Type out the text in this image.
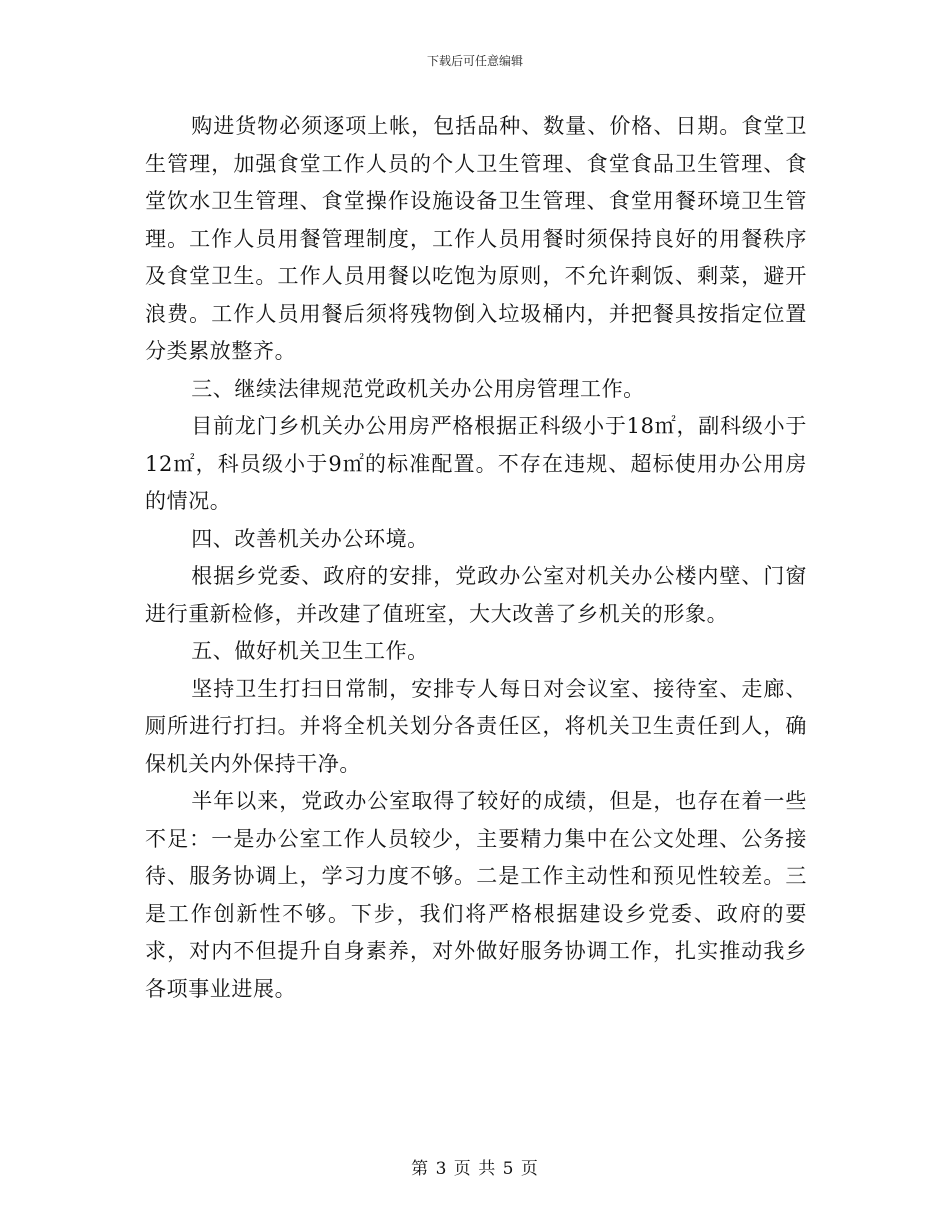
下载后可任意编辑

购进货物必须逐项上帐，包括品种、数量、价格、日期。食堂卫生管理，加强食堂工作人员的个人卫生管理、食堂食品卫生管理、食堂饮水卫生管理、食堂操作设施设备卫生管理、食堂用餐环境卫生管理。工作人员用餐管理制度，工作人员用餐时须保持良好的用餐秩序及食堂卫生。工作人员用餐以吃饱为原则，不允许剩饭、剩菜，避开浪费。工作人员用餐后须将残物倒入垃圾桶内，并把餐具按指定位置分类累放整齐。

三、继续法律规范党政机关办公用房管理工作。

目前龙门乡机关办公用房严格根据正科级小于18㎡，副科级小于12㎡，科员级小于9㎡的标准配置。不存在违规、超标使用办公用房的情况。

四、改善机关办公环境。

根据乡党委、政府的安排，党政办公室对机关办公楼内壁、门窗进行重新检修，并改建了值班室，大大改善了乡机关的形象。

五、做好机关卫生工作。

坚持卫生打扫日常制，安排专人每日对会议室、接待室、走廊、厕所进行打扫。并将全机关划分各责任区，将机关卫生责任到人，确保机关内外保持干净。

半年以来，党政办公室取得了较好的成绩，但是，也存在着一些不足：一是办公室工作人员较少，主要精力集中在公文处理、公务接待、服务协调上，学习力度不够。二是工作主动性和预见性较差。三是工作创新性不够。下步，我们将严格根据建设乡党委、政府的要求，对内不但提升自身素养，对外做好服务协调工作，扎实推动我乡各项事业进展。

第 3 页 共 5 页
